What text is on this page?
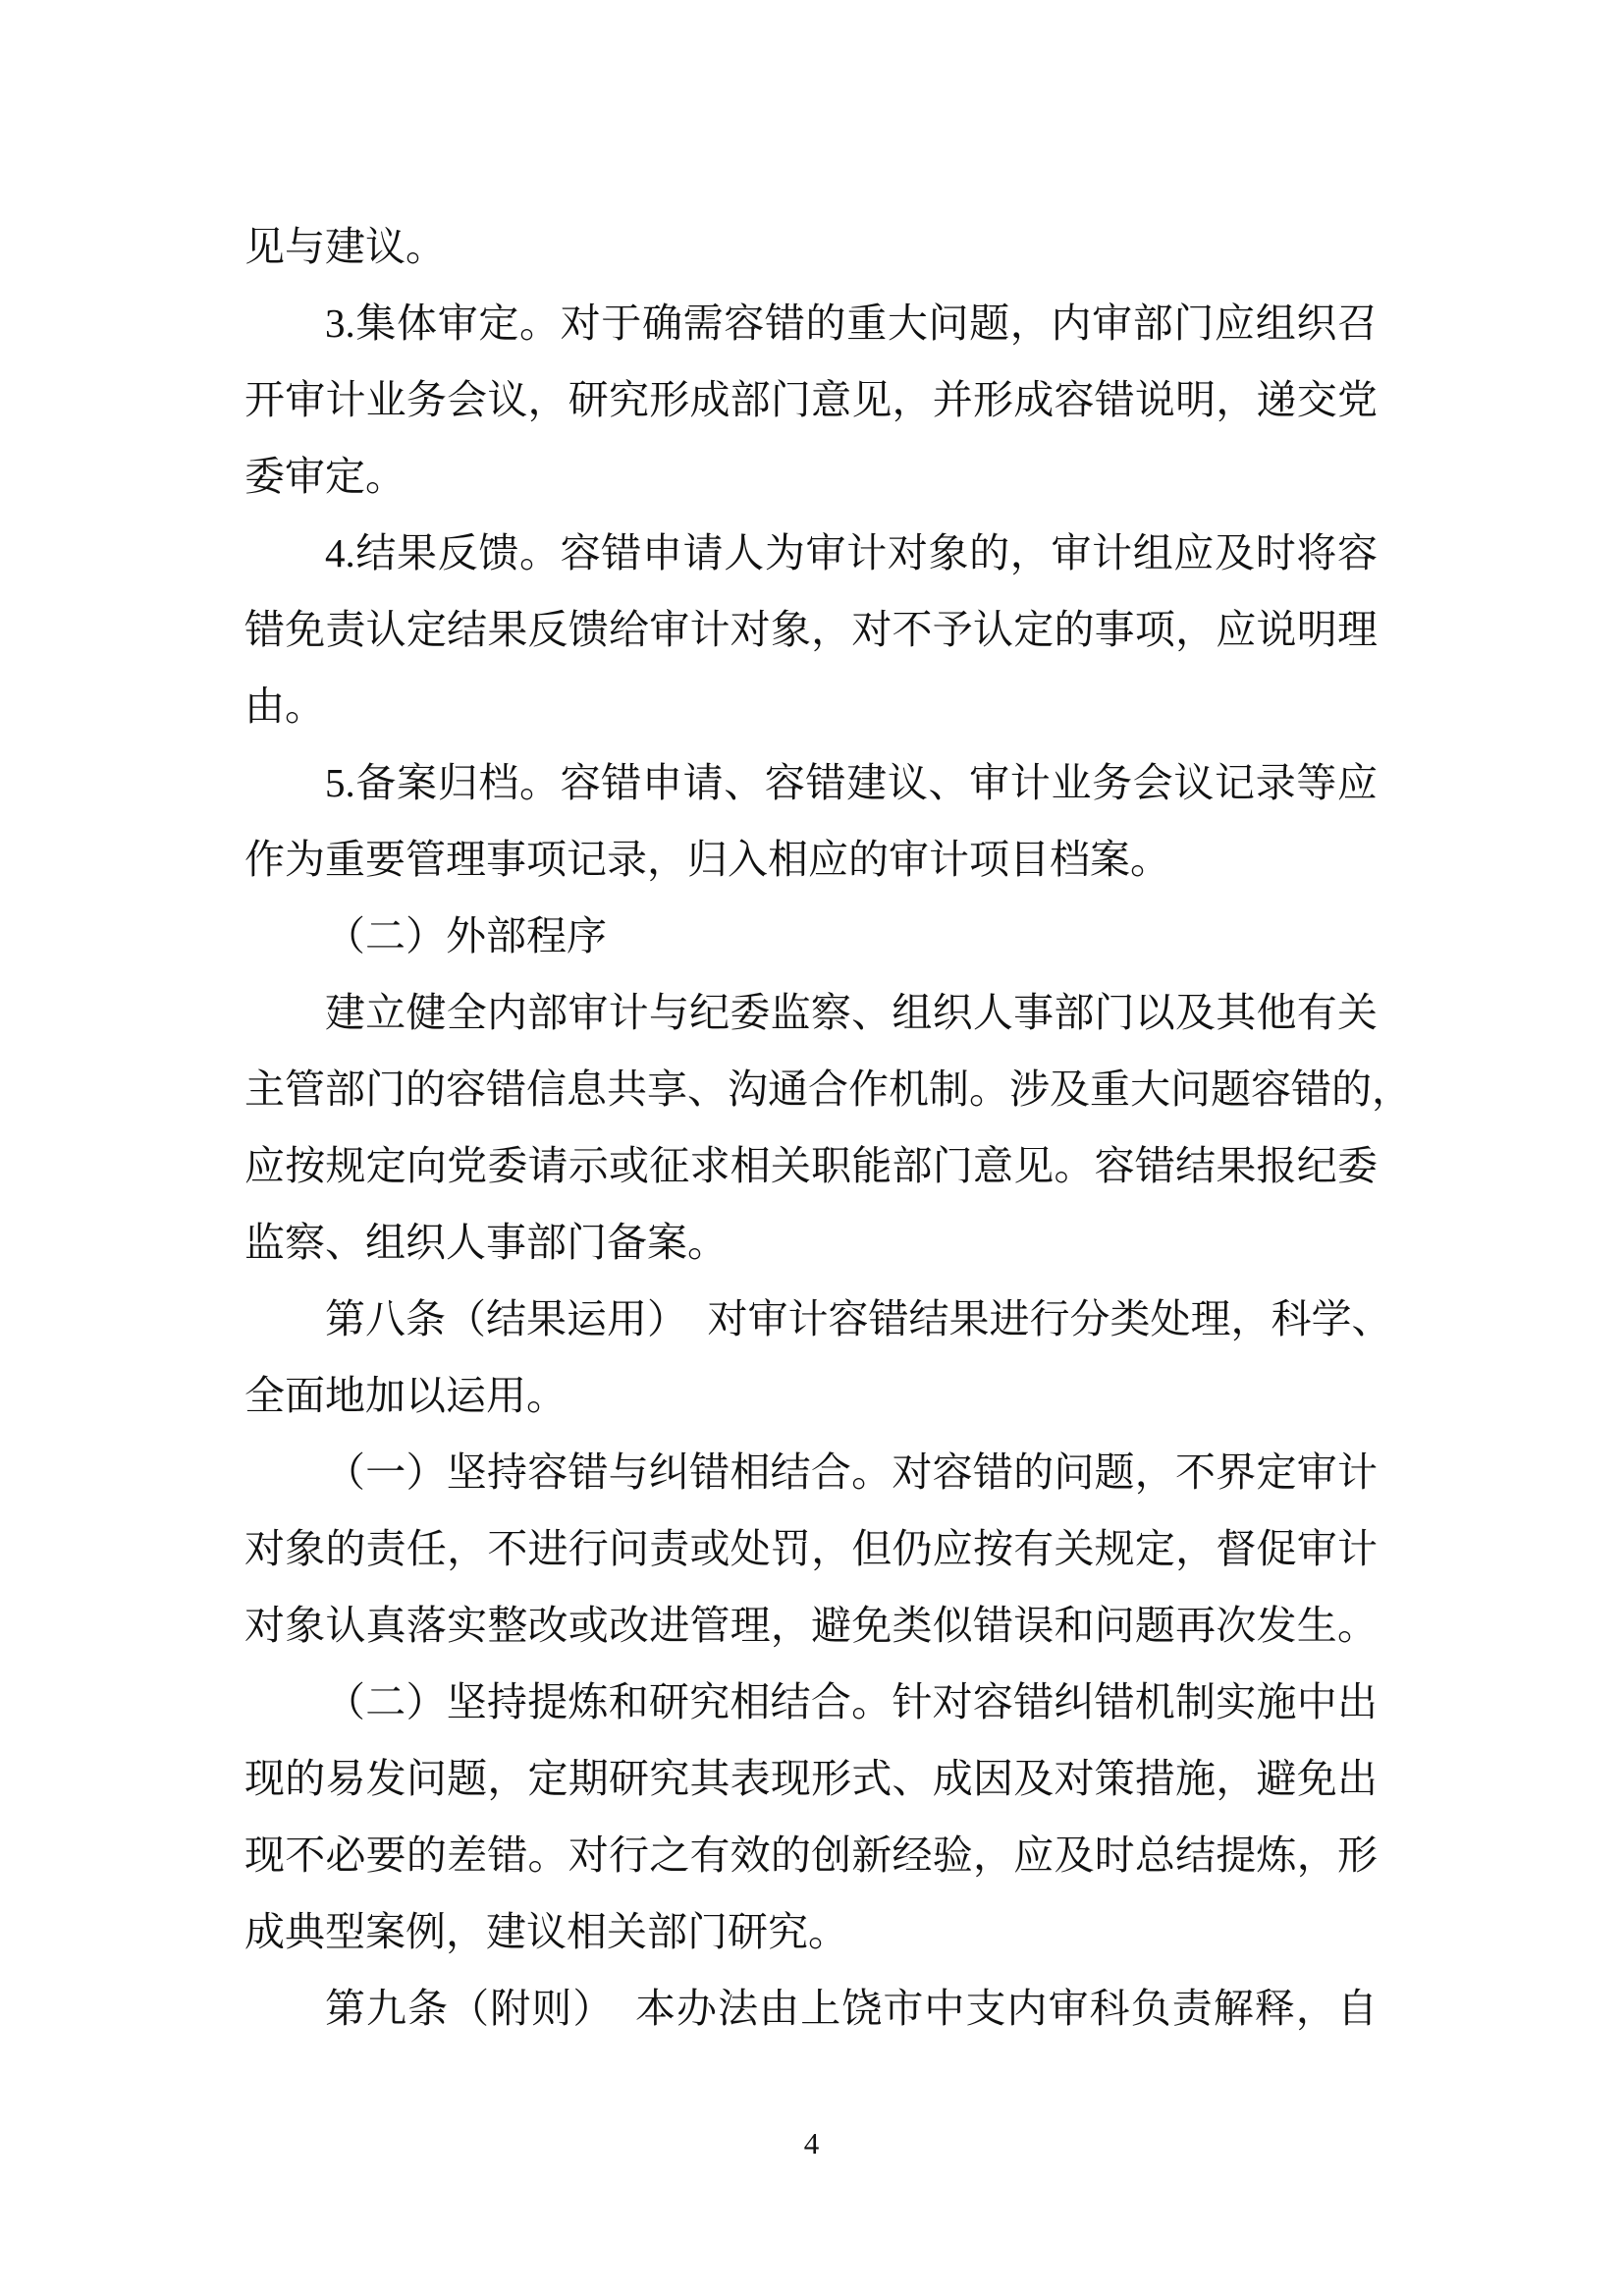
见与建议。
3.集体审定。对于确需容错的重大问题，内审部门应组织召
开审计业务会议，研究形成部门意见，并形成容错说明，递交党
委审定。
4.结果反馈。容错申请人为审计对象的，审计组应及时将容
错免责认定结果反馈给审计对象，对不予认定的事项，应说明理
由。
5.备案归档。容错申请、容错建议、审计业务会议记录等应
作为重要管理事项记录，归入相应的审计项目档案。
（二）外部程序
建立健全内部审计与纪委监察、组织人事部门以及其他有关
主管部门的容错信息共享、沟通合作机制。涉及重大问题容错的，
应按规定向党委请示或征求相关职能部门意见。容错结果报纪委
监察、组织人事部门备案。
第八条（结果运用）　对审计容错结果进行分类处理，科学、
全面地加以运用。
（一）坚持容错与纠错相结合。对容错的问题，不界定审计
对象的责任，不进行问责或处罚，但仍应按有关规定，督促审计
对象认真落实整改或改进管理，避免类似错误和问题再次发生。
（二）坚持提炼和研究相结合。针对容错纠错机制实施中出
现的易发问题，定期研究其表现形式、成因及对策措施，避免出
现不必要的差错。对行之有效的创新经验，应及时总结提炼，形
成典型案例，建议相关部门研究。
第九条（附则）　本办法由上饶市中支内审科负责解释，自
4
